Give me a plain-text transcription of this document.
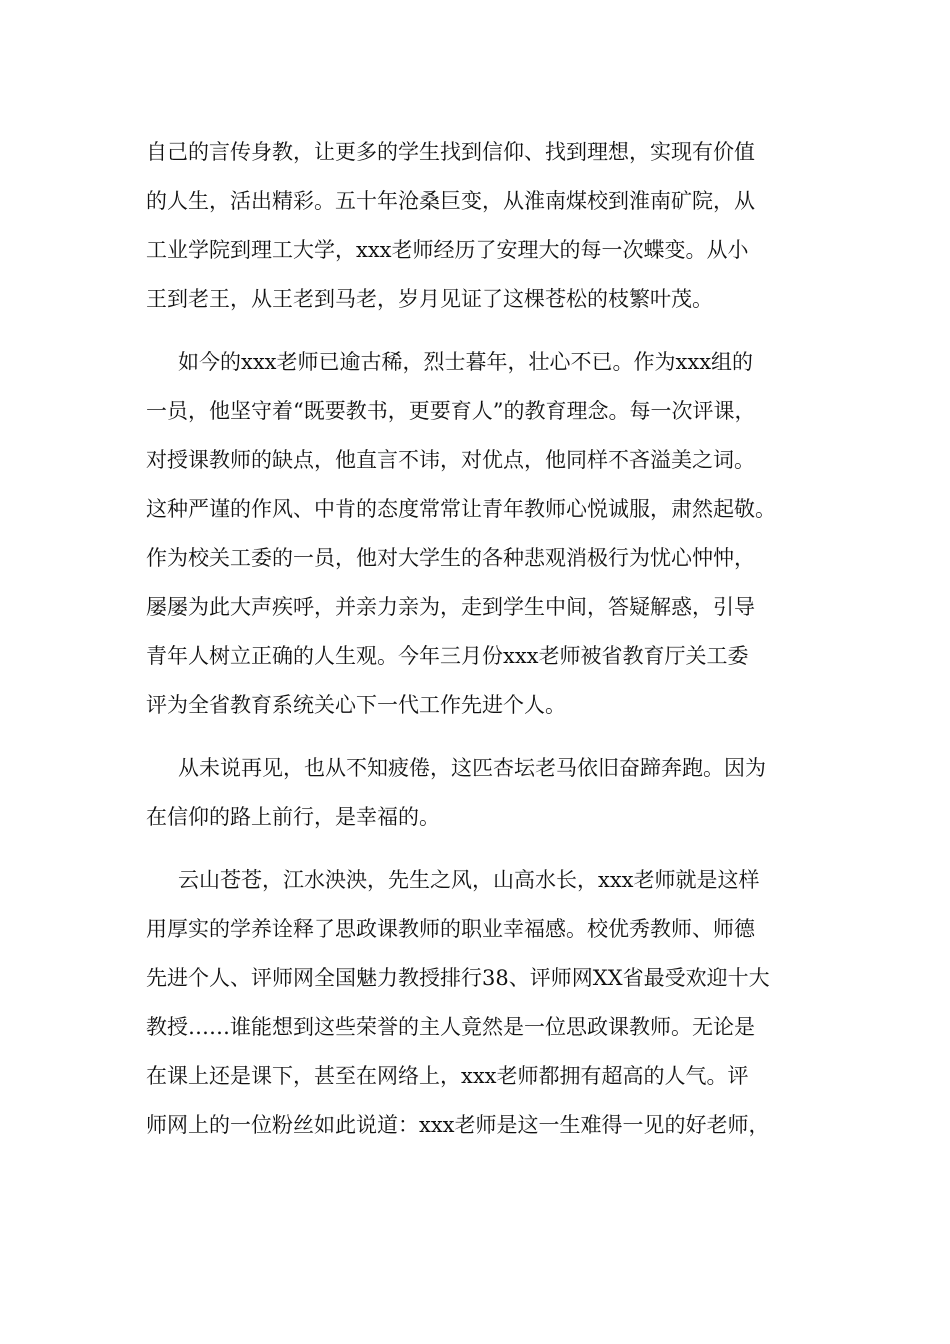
自己的言传身教，让更多的学生找到信仰、找到理想，实现有价值
的人生，活出精彩。五十年沧桑巨变，从淮南煤校到淮南矿院，从
工业学院到理工大学，xxx老师经历了安理大的每一次蝶变。从小
王到老王，从王老到马老，岁月见证了这棵苍松的枝繁叶茂。
如今的xxx老师已逾古稀，烈士暮年，壮心不已。作为xxx组的
一员，他坚守着“既要教书，更要育人”的教育理念。每一次评课，
对授课教师的缺点，他直言不讳，对优点，他同样不吝溢美之词。
这种严谨的作风、中肯的态度常常让青年教师心悦诚服，肃然起敬。
作为校关工委的一员，他对大学生的各种悲观消极行为忧心忡忡，
屡屡为此大声疾呼，并亲力亲为，走到学生中间，答疑解惑，引导
青年人树立正确的人生观。今年三月份xxx老师被省教育厅关工委
评为全省教育系统关心下一代工作先进个人。
从未说再见，也从不知疲倦，这匹杏坛老马依旧奋蹄奔跑。因为
在信仰的路上前行，是幸福的。
云山苍苍，江水泱泱，先生之风，山高水长，xxx老师就是这样
用厚实的学养诠释了思政课教师的职业幸福感。校优秀教师、师德
先进个人、评师网全国魅力教授排行38、评师网XX省最受欢迎十大
教授……谁能想到这些荣誉的主人竟然是一位思政课教师。无论是
在课上还是课下，甚至在网络上，xxx老师都拥有超高的人气。评
师网上的一位粉丝如此说道：xxx老师是这一生难得一见的好老师，
